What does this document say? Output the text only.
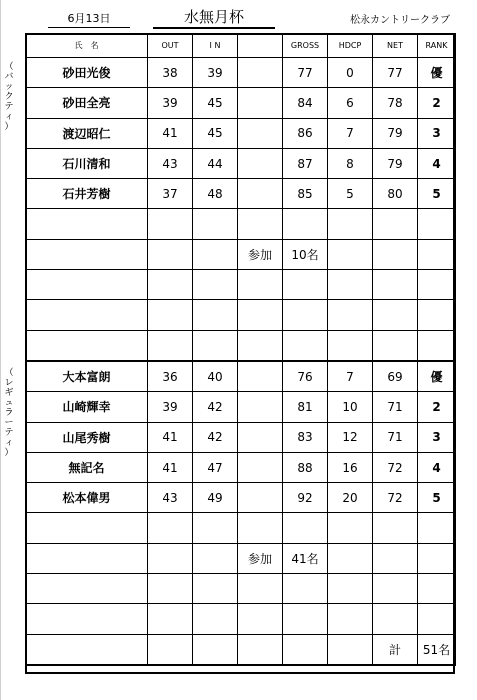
6月13日	水無月杯	松永カントリークラブ
（
バ
ッ
ク
テ
ィ
）
（
レ
ギ
ュ
ラ
ー
テ
ィ
）
氏　名	OUT	I N		GROSS	HDCP	NET	RANK
砂田光俊	38	39		77	0	77	優
砂田全亮	39	45		84	6	78	2
渡辺昭仁	41	45		86	7	79	3
石川清和	43	44		87	8	79	4
石井芳樹	37	48		85	5	80	5

			参加	10名			

大本富朗	36	40		76	7	69	優
山崎輝幸	39	42		81	10	71	2
山尾秀樹	41	42		83	12	71	3
無記名	41	47		88	16	72	4
松本偉男	43	49		92	20	72	5

			参加	41名			

						計	51名
